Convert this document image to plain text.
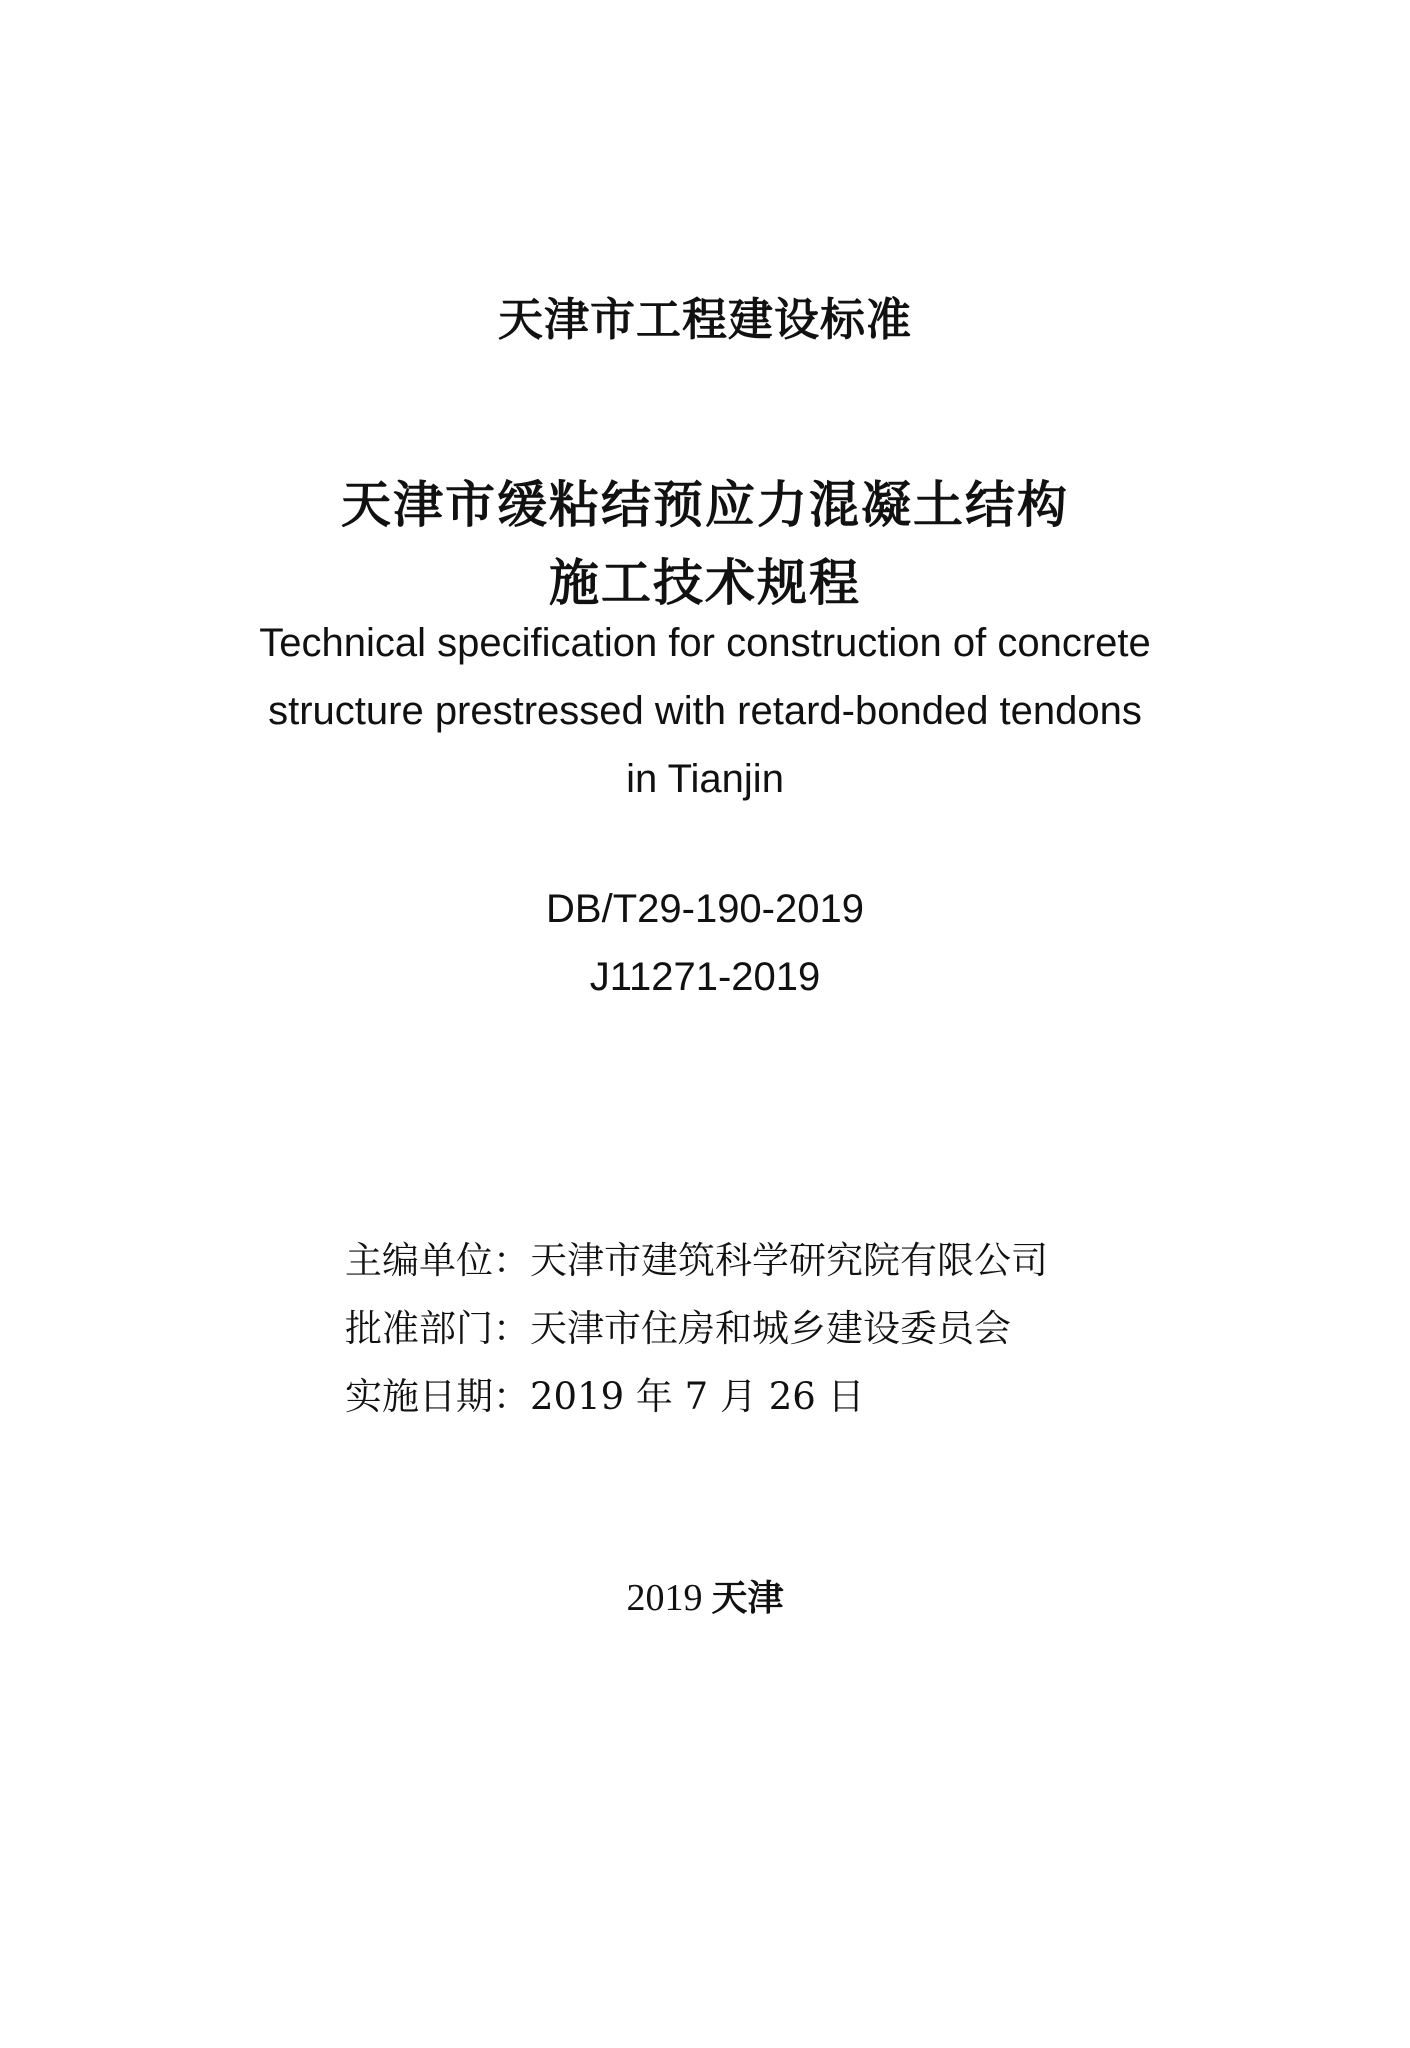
天津市工程建设标准
天津市缓粘结预应力混凝土结构
施工技术规程
Technical specification for construction of concrete
structure prestressed with retard-bonded tendons
in Tianjin
DB/T29-190-2019
J11271-2019
主编单位：天津市建筑科学研究院有限公司
批准部门：天津市住房和城乡建设委员会
实施日期：2019 年 7 月 26 日
2019 天津
